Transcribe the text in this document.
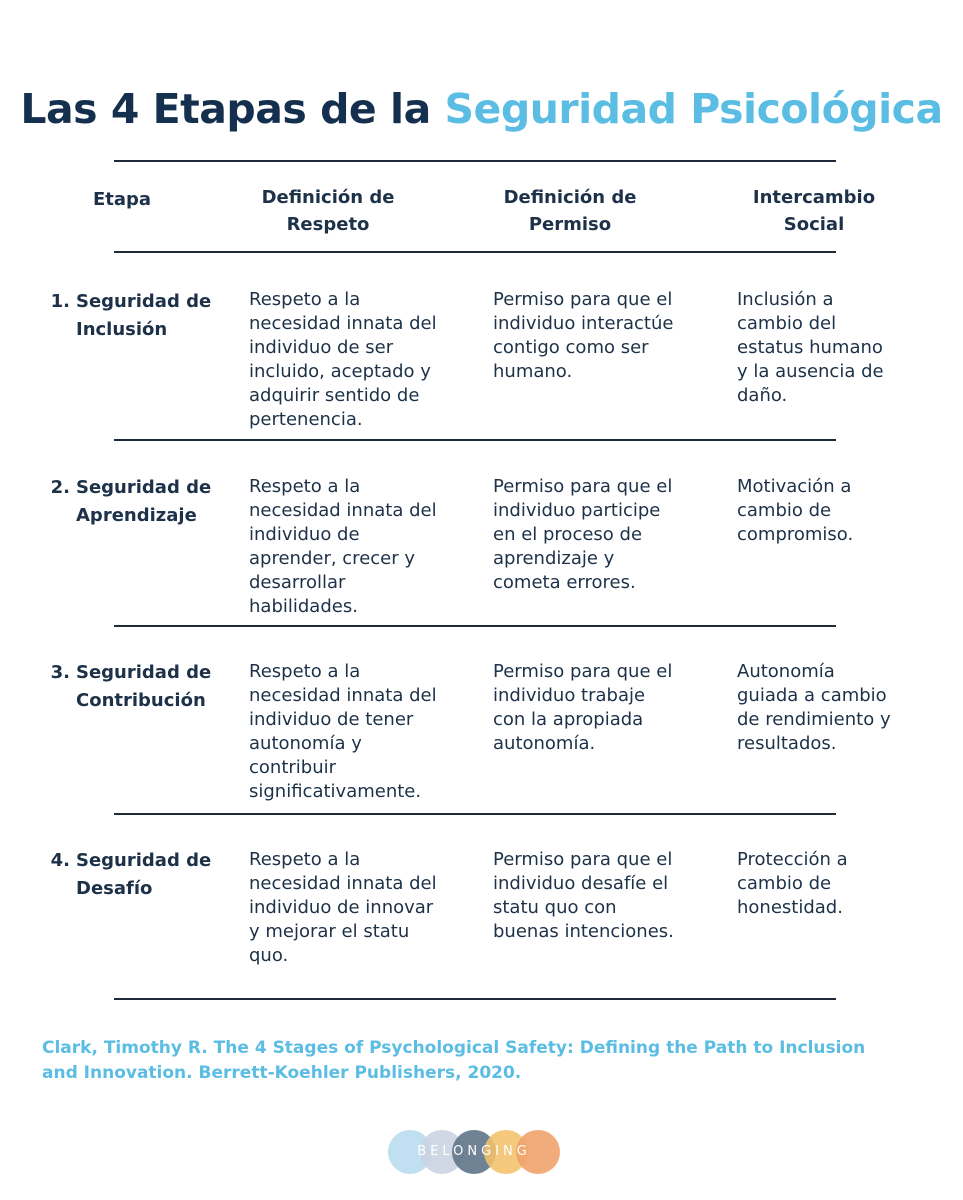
Las 4 Etapas de la Seguridad Psicológica
Etapa	Definición de
Respeto
Definición de
Permiso
Intercambio
Social
1. Seguridad de
Inclusión
Respeto a la
necesidad innata del
individuo de ser
incluido, aceptado y
adquirir sentido de
pertenencia.
Permiso para que el
individuo interactúe
contigo como ser
humano.
Inclusión a
cambio del
estatus humano
y la ausencia de
daño.
2. Seguridad de
Aprendizaje
Respeto a la
necesidad innata del
individuo de
aprender, crecer y
desarrollar
habilidades.
Permiso para que el
individuo participe
en el proceso de
aprendizaje y
cometa errores.
Motivación a
cambio de
compromiso.
3. Seguridad de
Contribución
Respeto a la
necesidad innata del
individuo de tener
autonomía y
contribuir
significativamente.
Permiso para que el
individuo trabaje
con la apropiada
autonomía.
Autonomía
guiada a cambio
de rendimiento y
resultados.
4. Seguridad de
Desafío
Respeto a la
necesidad innata del
individuo de innovar
y mejorar el statu
quo.
Permiso para que el
individuo desafíe el
statu quo con
buenas intenciones.
Protección a
cambio de
honestidad.
Clark, Timothy R. The 4 Stages of Psychological Safety: Defining the Path to Inclusion
and Innovation. Berrett-Koehler Publishers, 2020.
BELONGING
